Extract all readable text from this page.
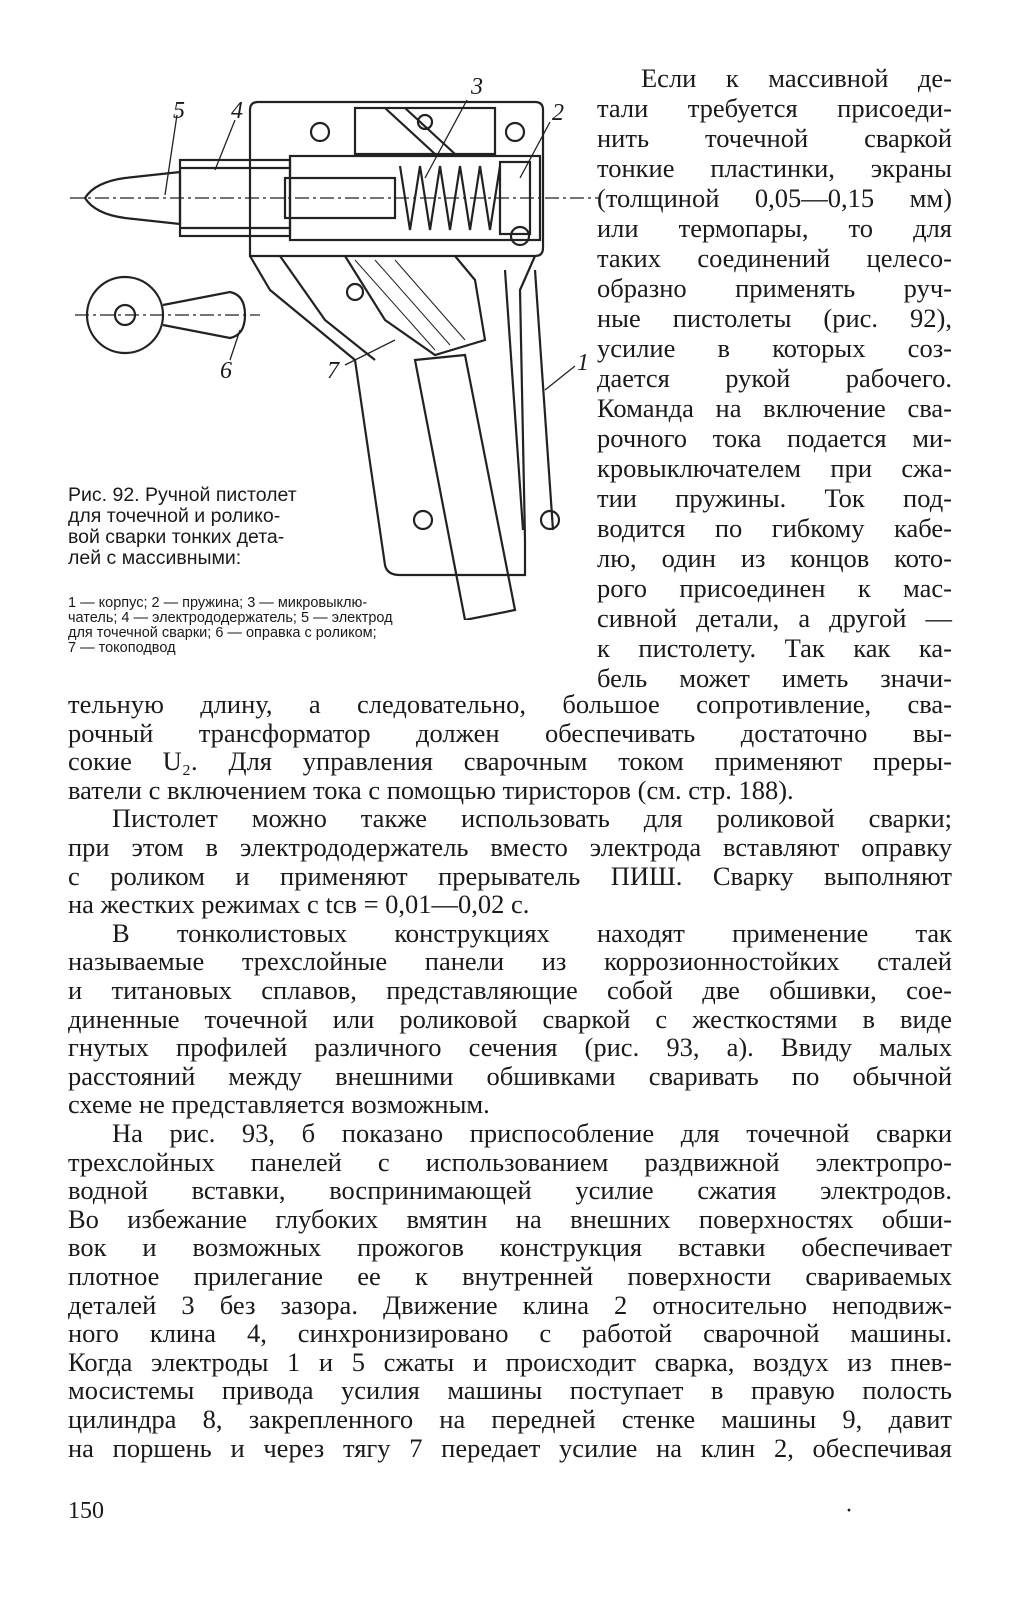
5 4
3
2
6	7	1
Рис. 92. Ручной пистолет
для точечной и ролико-
вой сварки тонких дета-
лей с массивными:
1 — корпус; 2 — пружина; 3 — микровыклю-
чатель; 4 — электрододержатель; 5 — электрод
для точечной сварки; 6 — оправка с роликом;
7 — токоподвод
Если к массивной де-
тали требуется присоеди-
нить точечной сваркой
тонкие пластинки, экраны
(толщиной 0,05—0,15 мм)
или термопары, то для
таких соединений целесо-
образно применять руч-
ные пистолеты (рис. 92),
усилие в которых соз-
дается рукой рабочего.
Команда на включение сва-
рочного тока подается ми-
кровыключателем при сжа-
тии пружины. Ток под-
водится по гибкому кабе-
лю, один из концов кото-
рого присоединен к мас-
сивной детали, а другой —
к пистолету. Так как ка-
бель может иметь значи-
тельную длину, а следовательно, большое сопротивление, сва-
рочный трансформатор должен обеспечивать достаточно вы-
сокие U₂. Для управления сварочным током применяют преры-
ватели с включением тока с помощью тиристоров (см. стр. 188).
Пистолет можно также использовать для роликовой сварки;
при этом в электрододержатель вместо электрода вставляют оправку
с роликом и применяют прерыватель ПИШ. Сварку выполняют
на жестких режимах с tсв = 0,01—0,02 с.
В тонколистовых конструкциях находят применение так
называемые трехслойные панели из коррозионностойких сталей
и титановых сплавов, представляющие собой две обшивки, сое-
диненные точечной или роликовой сваркой с жесткостями в виде
гнутых профилей различного сечения (рис. 93, а). Ввиду малых
расстояний между внешними обшивками сваривать по обычной
схеме не представляется возможным.
На рис. 93, б показано приспособление для точечной сварки
трехслойных панелей с использованием раздвижной электропро-
водной вставки, воспринимающей усилие сжатия электродов.
Во избежание глубоких вмятин на внешних поверхностях обши-
вок и возможных прожогов конструкция вставки обеспечивает
плотное прилегание ее к внутренней поверхности свариваемых
деталей 3 без зазора. Движение клина 2 относительно неподвиж-
ного клина 4, синхронизировано с работой сварочной машины.
Когда электроды 1 и 5 сжаты и происходит сварка, воздух из пнев-
мосистемы привода усилия машины поступает в правую полость
цилиндра 8, закрепленного на передней стенке машины 9, давит
на поршень и через тягу 7 передает усилие на клин 2, обеспечивая
150	·
